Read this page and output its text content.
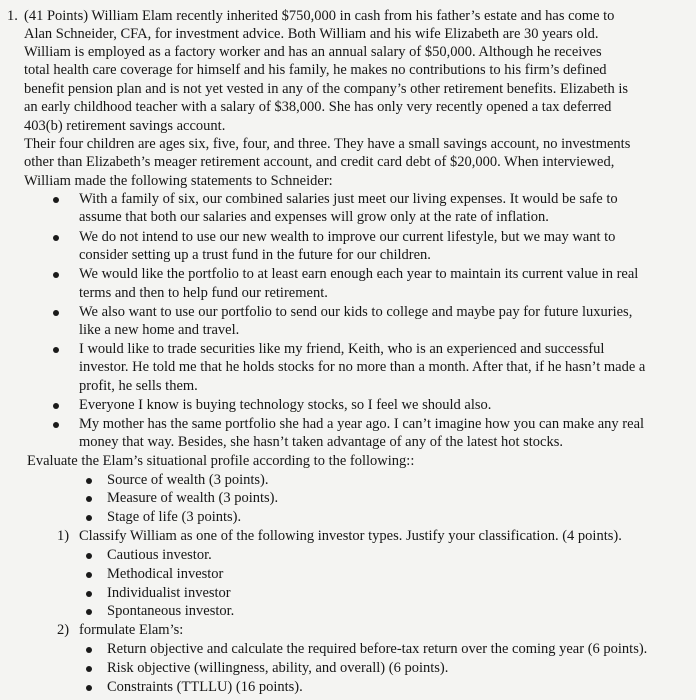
1. (41 Points) William Elam recently inherited $750,000 in cash from his father’s estate and has come to
Alan Schneider, CFA, for investment advice. Both William and his wife Elizabeth are 30 years old.
William is employed as a factory worker and has an annual salary of $50,000. Although he receives
total health care coverage for himself and his family, he makes no contributions to his firm’s defined
benefit pension plan and is not yet vested in any of the company’s other retirement benefits. Elizabeth is
an early childhood teacher with a salary of $38,000. She has only very recently opened a tax deferred
403(b) retirement savings account.
Their four children are ages six, five, four, and three. They have a small savings account, no investments
other than Elizabeth’s meager retirement account, and credit card debt of $20,000. When interviewed,
William made the following statements to Schneider:
With a family of six, our combined salaries just meet our living expenses. It would be safe to
assume that both our salaries and expenses will grow only at the rate of inflation.
We do not intend to use our new wealth to improve our current lifestyle, but we may want to
consider setting up a trust fund in the future for our children.
We would like the portfolio to at least earn enough each year to maintain its current value in real
terms and then to help fund our retirement.
We also want to use our portfolio to send our kids to college and maybe pay for future luxuries,
like a new home and travel.
I would like to trade securities like my friend, Keith, who is an experienced and successful
investor. He told me that he holds stocks for no more than a month. After that, if he hasn’t made a
profit, he sells them.
Everyone I know is buying technology stocks, so I feel we should also.
My mother has the same portfolio she had a year ago. I can’t imagine how you can make any real
money that way. Besides, she hasn’t taken advantage of any of the latest hot stocks.
Evaluate the Elam’s situational profile according to the following::
Source of wealth (3 points).
Measure of wealth (3 points).
Stage of life (3 points).
1) Classify William as one of the following investor types. Justify your classification. (4 points).
Cautious investor.
Methodical investor
Individualist investor
Spontaneous investor.
2) formulate Elam’s:
Return objective and calculate the required before-tax return over the coming year (6 points).
Risk objective (willingness, ability, and overall) (6 points).
Constraints (TTLLU) (16 points).
